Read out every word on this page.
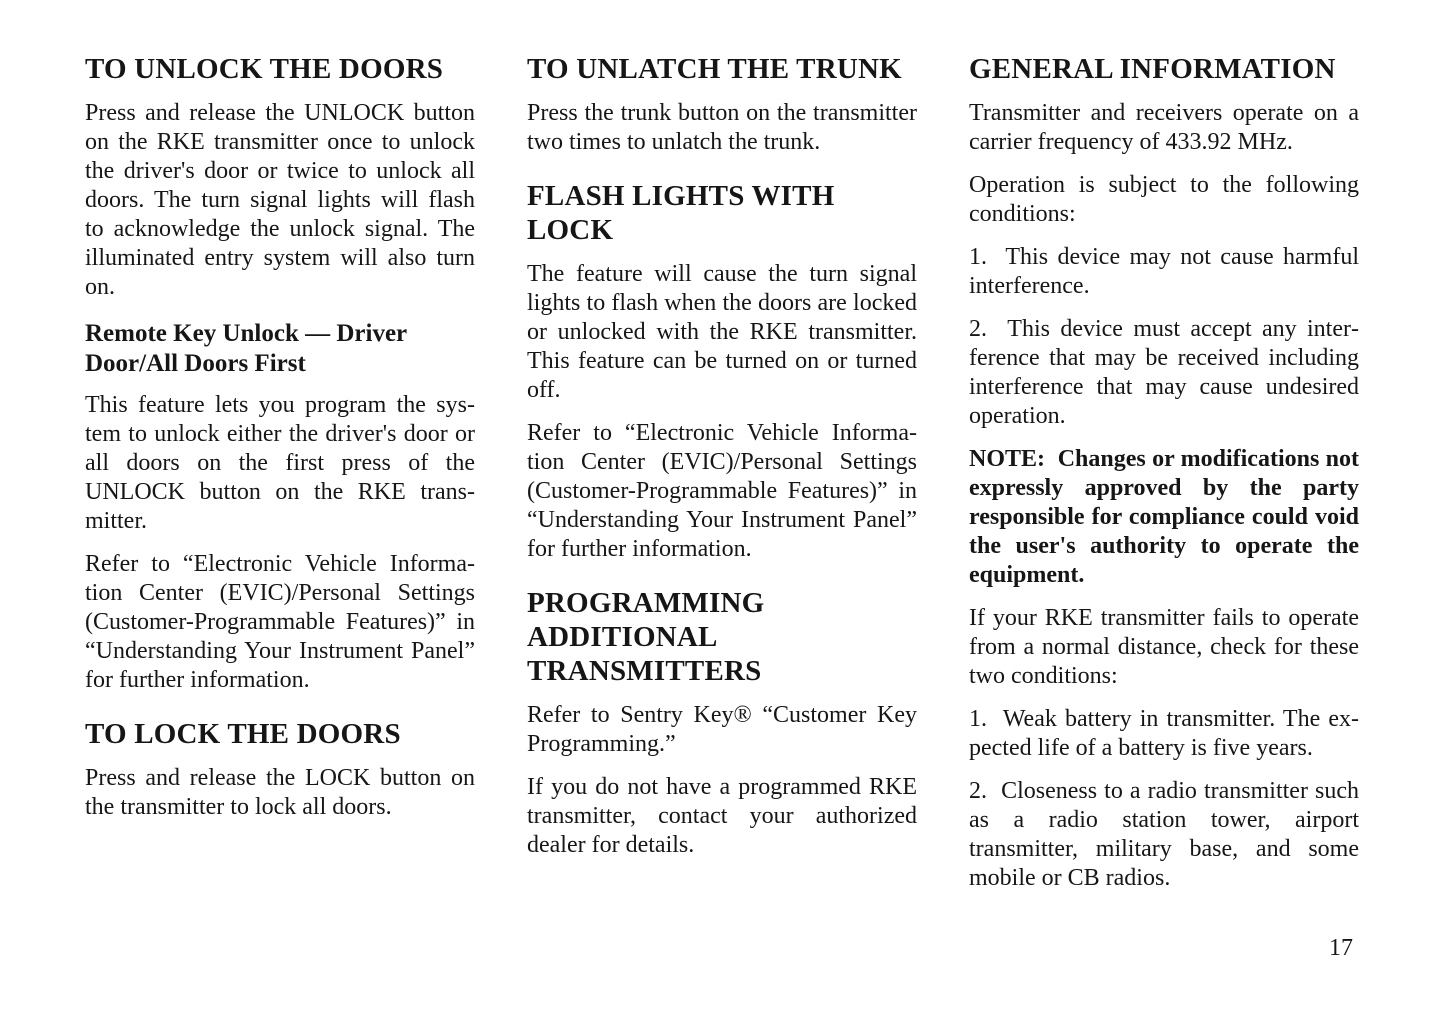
TO UNLOCK THE DOORS

Press and release the UNLOCK button on the RKE transmitter once to unlock the driver's door or twice to unlock all doors. The turn signal lights will flash to acknowledge the unlock signal. The illuminated entry system will also turn on.

Remote Key Unlock — Driver Door/All Doors First

This feature lets you program the system to unlock either the driver's door or all doors on the first press of the UNLOCK button on the RKE transmitter.

Refer to “Electronic Vehicle Information Center (EVIC)/Personal Settings (Customer-Programmable Features)” in “Understanding Your Instrument Panel” for further information.

TO LOCK THE DOORS

Press and release the LOCK button on the transmitter to lock all doors.

TO UNLATCH THE TRUNK

Press the trunk button on the transmitter two times to unlatch the trunk.

FLASH LIGHTS WITH LOCK

The feature will cause the turn signal lights to flash when the doors are locked or unlocked with the RKE transmitter. This feature can be turned on or turned off.

Refer to “Electronic Vehicle Information Center (EVIC)/Personal Settings (Customer-Programmable Features)” in “Understanding Your Instrument Panel” for further information.

PROGRAMMING ADDITIONAL TRANSMITTERS

Refer to Sentry Key® “Customer Key Programming.”

If you do not have a programmed RKE transmitter, contact your authorized dealer for details.

GENERAL INFORMATION

Transmitter and receivers operate on a carrier frequency of 433.92 MHz.

Operation is subject to the following conditions:

1.  This device may not cause harmful interference.

2.  This device must accept any interference that may be received including interference that may cause undesired operation.

NOTE:  Changes or modifications not expressly approved by the party responsible for compliance could void the user's authority to operate the equipment.

If your RKE transmitter fails to operate from a normal distance, check for these two conditions:

1.  Weak battery in transmitter. The expected life of a battery is five years.

2.  Closeness to a radio transmitter such as a radio station tower, airport transmitter, military base, and some mobile or CB radios.

17
